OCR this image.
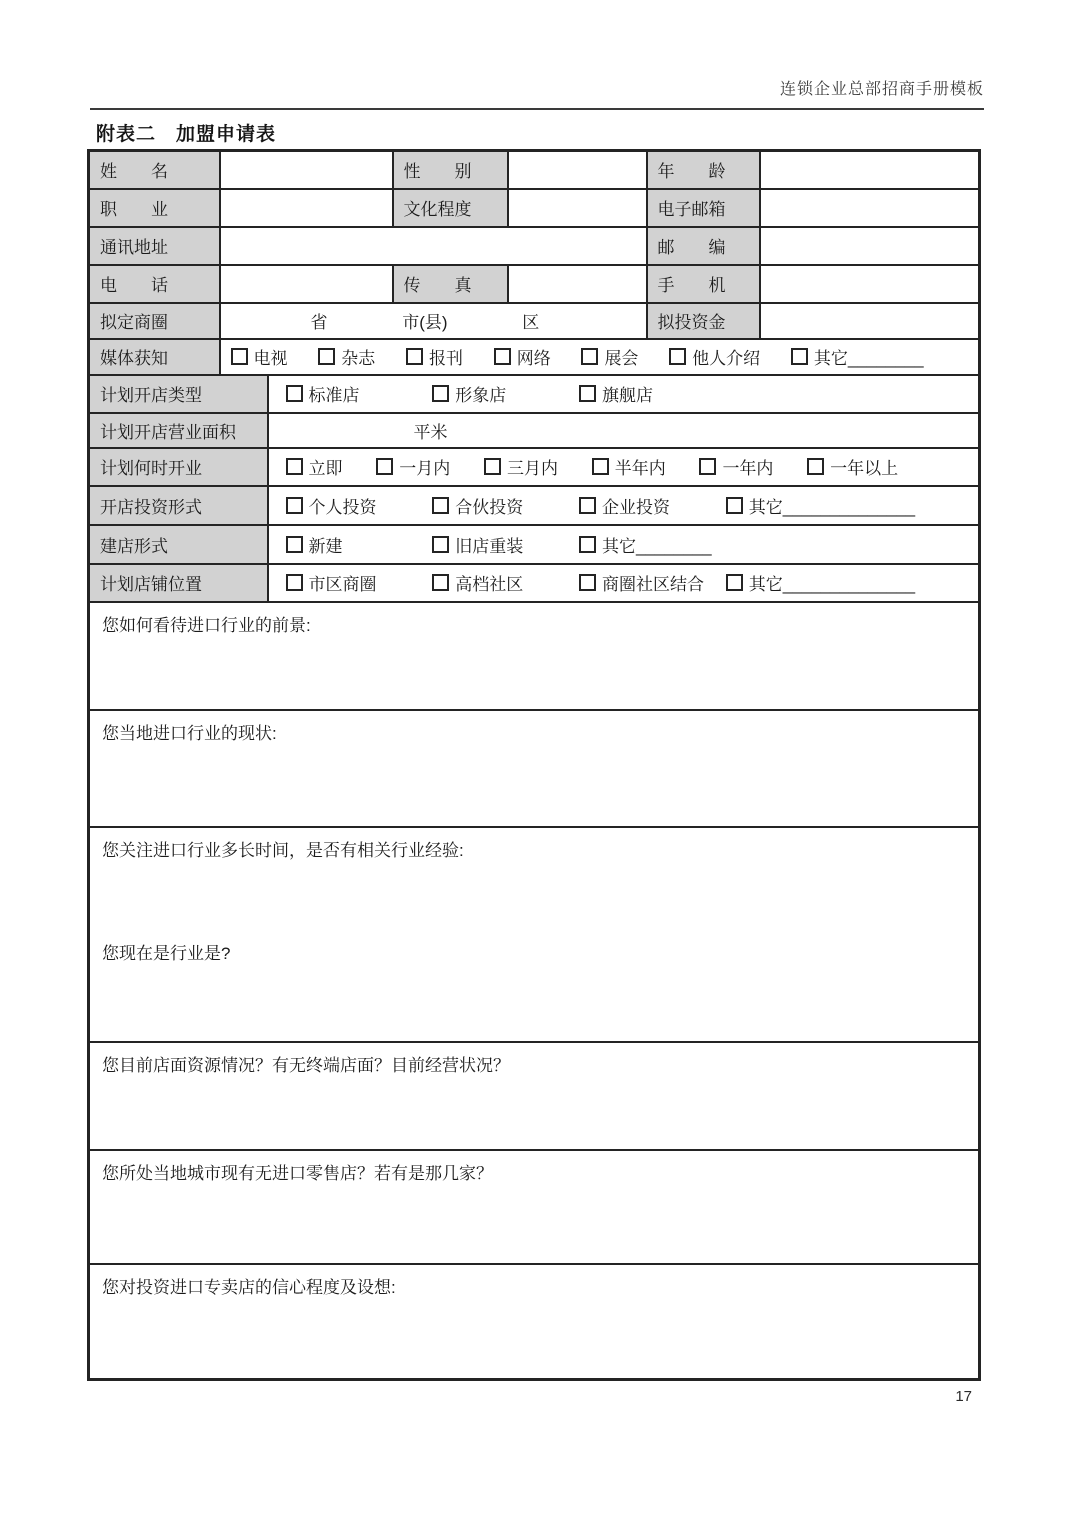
连锁企业总部招商手册模板
附表二　加盟申请表
姓　　名			性　　别		年　　龄	
职　　业			文化程度		电子邮箱	
通讯地址					邮　　编	
电　　话			传　　真		手　　机	
拟定商圈	省 市(县) 区				拟投资金	
媒体获知	电视 杂志 报刊 网络 展会 他人介绍 其它________					
计划开店类型		标准店 形象店 旗舰店				
计划开店营业面积		平米				
计划何时开业		立即 一月内 三月内 半年内 一年内 一年以上				
开店投资形式		个人投资 合伙投资 企业投资 其它______________				
建店形式		新建 旧店重装 其它________				
计划店铺位置		市区商圈 高档社区 商圈社区结合 其它______________				
您如何看待进口行业的前景:						
您当地进口行业的现状:						

您关注进口行业多长时间，是否有相关行业经验:
您现在是行业是?						

您目前店面资源情况？有无终端店面？目前经营状况？						
您所处当地城市现有无进口零售店？若有是那几家？						
您对投资进口专卖店的信心程度及设想:						
17
